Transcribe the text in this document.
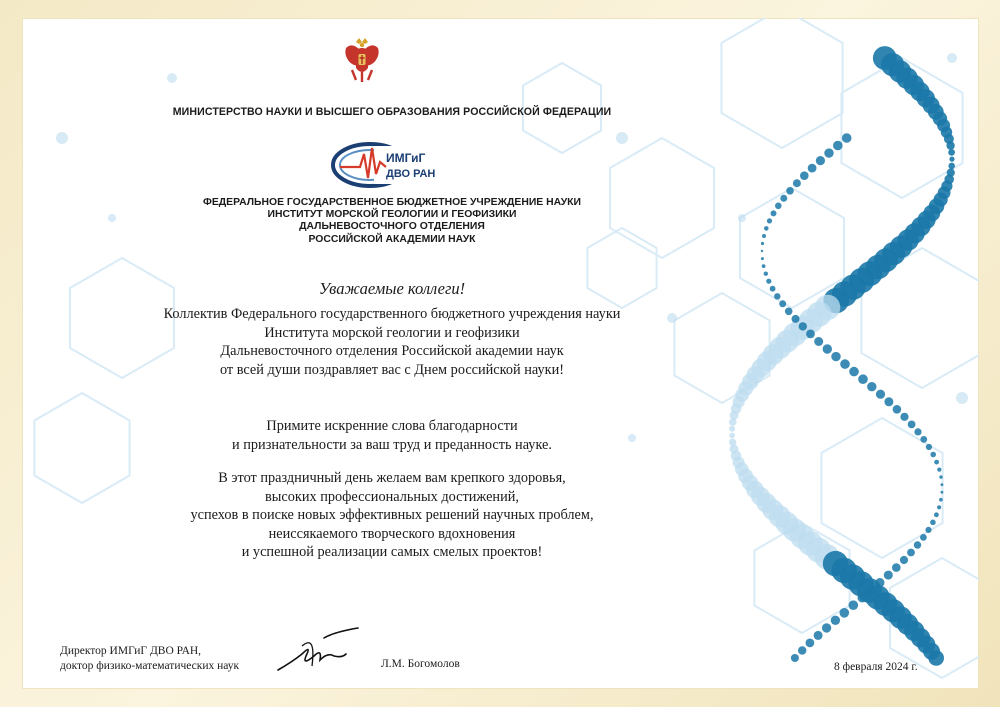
МИНИСТЕРСТВО НАУКИ И ВЫСШЕГО ОБРАЗОВАНИЯ РОССИЙСКОЙ ФЕДЕРАЦИИ
ИМГиГ
ДВО РАН
ФЕДЕРАЛЬНОЕ ГОСУДАРСТВЕННОЕ БЮДЖЕТНОЕ УЧРЕЖДЕНИЕ НАУКИ
ИНСТИТУТ МОРСКОЙ ГЕОЛОГИИ И ГЕОФИЗИКИ
ДАЛЬНЕВОСТОЧНОГО ОТДЕЛЕНИЯ
РОССИЙСКОЙ АКАДЕМИИ НАУК
Уважаемые коллеги!
Коллектив Федерального государственного бюджетного учреждения науки
Института морской геологии и геофизики
Дальневосточного отделения Российской академии наук
от всей души поздравляет вас с Днем российской науки!
Примите искренние слова благодарности
и признательности за ваш труд и преданность науке.
В этот праздничный день желаем вам крепкого здоровья,
высоких профессиональных достижений,
успехов в поиске новых эффективных решений научных проблем,
неиссякаемого творческого вдохновения
и успешной реализации самых смелых проектов!
Директор ИМГиГ ДВО РАН,
доктор физико-математических наук	Л.М. Богомолов	8 февраля 2024 г.
